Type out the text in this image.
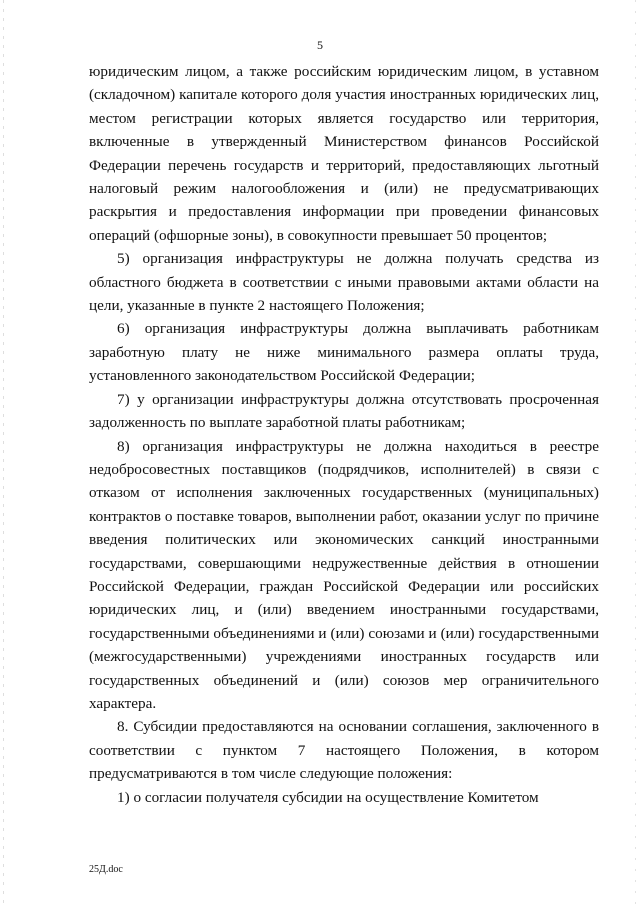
5

юридическим лицом, а также российским юридическим лицом, в уставном (складочном) капитале которого доля участия иностранных юридических лиц, местом регистрации которых является государство или территория, включенные в утвержденный Министерством финансов Российской Федерации перечень государств и территорий, предоставляющих льготный налоговый режим налогообложения и (или) не предусматривающих раскрытия и предоставления информации при проведении финансовых операций (офшорные зоны), в совокупности превышает 50 процентов;

5) организация инфраструктуры не должна получать средства из областного бюджета в соответствии с иными правовыми актами области на цели, указанные в пункте 2 настоящего Положения;

6) организация инфраструктуры должна выплачивать работникам заработную плату не ниже минимального размера оплаты труда, установленного законодательством Российской Федерации;

7) у организации инфраструктуры должна отсутствовать просроченная задолженность по выплате заработной платы работникам;

8) организация инфраструктуры не должна находиться в реестре недобросовестных поставщиков (подрядчиков, исполнителей) в связи с отказом от исполнения заключенных государственных (муниципальных) контрактов о поставке товаров, выполнении работ, оказании услуг по причине введения политических или экономических санкций иностранными государствами, совершающими недружественные действия в отношении Российской Федерации, граждан Российской Федерации или российских юридических лиц, и (или) введением иностранными государствами, государственными объединениями и (или) союзами и (или) государственными (межгосударственными) учреждениями иностранных государств или государственных объединений и (или) союзов мер ограничительного характера.

8. Субсидии предоставляются на основании соглашения, заключенного в соответствии с пунктом 7 настоящего Положения, в котором предусматриваются в том числе следующие положения:

1) о согласии получателя субсидии на осуществление Комитетом

25Д.doc
